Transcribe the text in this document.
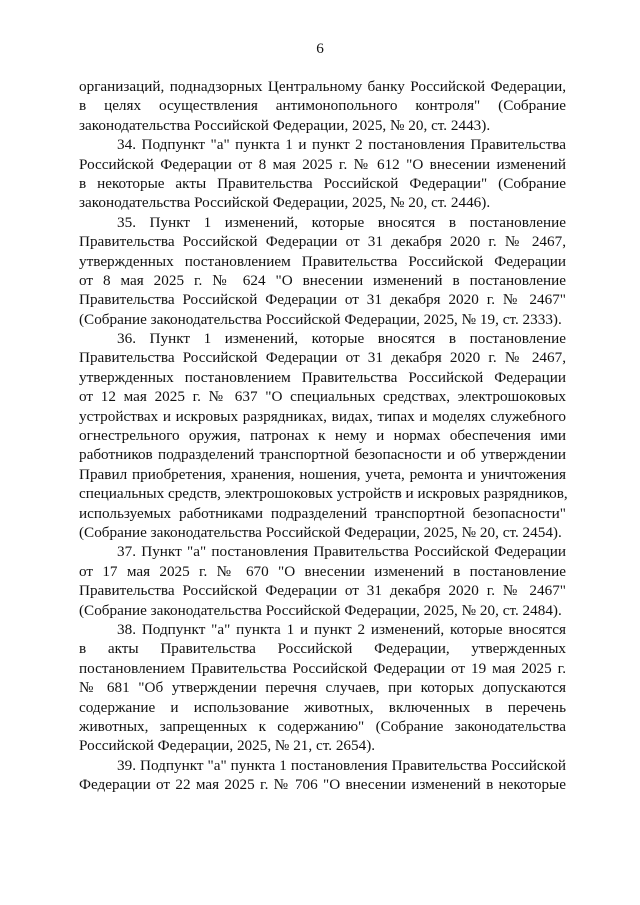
6
организаций, поднадзорных Центральному банку Российской Федерации,
в целях осуществления антимонопольного контроля" (Собрание
законодательства Российской Федерации, 2025, № 20, ст. 2443).
34. Подпункт "а" пункта 1 и пункт 2 постановления Правительства
Российской Федерации от 8 мая 2025 г. № 612 "О внесении изменений
в некоторые акты Правительства Российской Федерации" (Собрание
законодательства Российской Федерации, 2025, № 20, ст. 2446).
35. Пункт 1 изменений, которые вносятся в постановление
Правительства Российской Федерации от 31 декабря 2020 г. № 2467,
утвержденных постановлением Правительства Российской Федерации
от 8 мая 2025 г. № 624 "О внесении изменений в постановление
Правительства Российской Федерации от 31 декабря 2020 г. № 2467"
(Собрание законодательства Российской Федерации, 2025, № 19, ст. 2333).
36. Пункт 1 изменений, которые вносятся в постановление
Правительства Российской Федерации от 31 декабря 2020 г. № 2467,
утвержденных постановлением Правительства Российской Федерации
от 12 мая 2025 г. № 637 "О специальных средствах, электрошоковых
устройствах и искровых разрядниках, видах, типах и моделях служебного
огнестрельного оружия, патронах к нему и нормах обеспечения ими
работников подразделений транспортной безопасности и об утверждении
Правил приобретения, хранения, ношения, учета, ремонта и уничтожения
специальных средств, электрошоковых устройств и искровых разрядников,
используемых работниками подразделений транспортной безопасности"
(Собрание законодательства Российской Федерации, 2025, № 20, ст. 2454).
37. Пункт "а" постановления Правительства Российской Федерации
от 17 мая 2025 г. № 670 "О внесении изменений в постановление
Правительства Российской Федерации от 31 декабря 2020 г. № 2467"
(Собрание законодательства Российской Федерации, 2025, № 20, ст. 2484).
38. Подпункт "а" пункта 1 и пункт 2 изменений, которые вносятся
в акты Правительства Российской Федерации, утвержденных
постановлением Правительства Российской Федерации от 19 мая 2025 г.
№ 681 "Об утверждении перечня случаев, при которых допускаются
содержание и использование животных, включенных в перечень
животных, запрещенных к содержанию" (Собрание законодательства
Российской Федерации, 2025, № 21, ст. 2654).
39. Подпункт "а" пункта 1 постановления Правительства Российской
Федерации от 22 мая 2025 г. № 706 "О внесении изменений в некоторые
